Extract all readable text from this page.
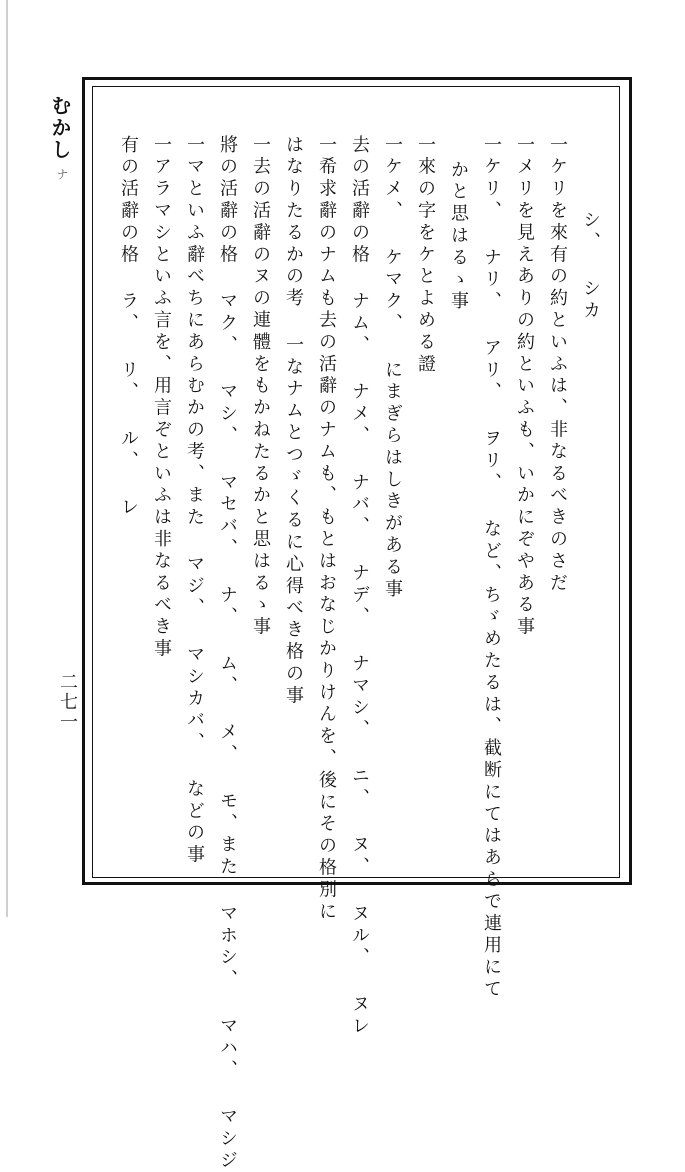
むかし
ナ
シ、 シカ
一ケリを來有の約といふは、非なるべきのさだ
一メリを見えありの約といふも、いかにぞやある事
一ケリ、 ナリ、 アリ、 ヲリ、 など、ちゞめたるは、截断にてはあらで連用にて
かと思はるゝ事
一來の字をケとよめる證
一ケメ、 ケマク、 にまぎらはしきがある事
去の活辭の格 ナム、 ナメ、 ナバ、 ナデ、 ナマシ、 ニ、 ヌ、 ヌル、 ヌレ
一希求辭のナムも去の活辭のナムも、もとはおなじかりけんを、後にその格別に
はなりたるかの考 一なナムとつゞくるに心得べき格の事
一去の活辭のヌの連體をもかねたるかと思はるゝ事
將の活辭の格 マク、 マシ、 マセバ、 ナ、 ム、 メ、 モ、また マホシ、 マハ、 マシジ
一マといふ辭べちにあらむかの考、また マジ、 マシカバ、 などの事
一アラマシといふ言を、用言ぞといふは非なるべき事
有の活辭の格 ラ、 リ、 ル、 レ
二七一
